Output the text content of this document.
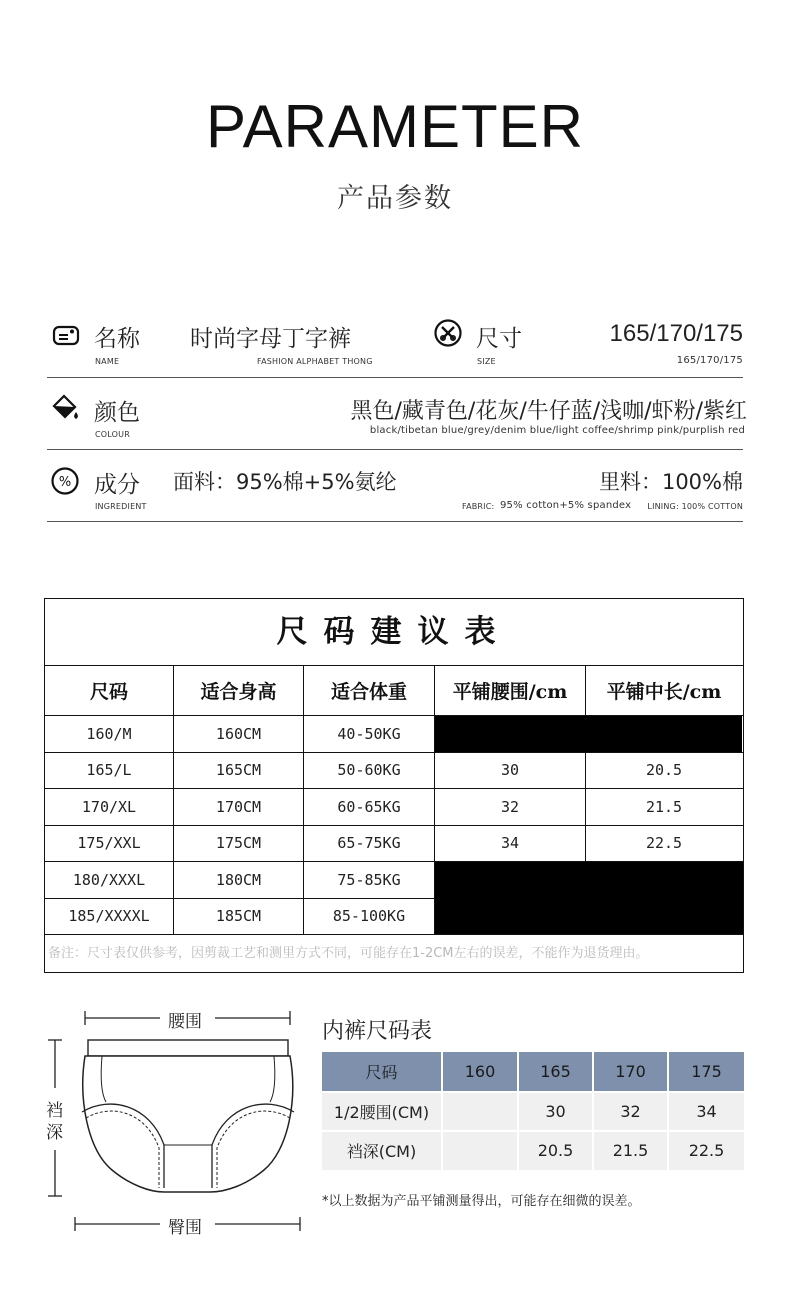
PARAMETER
产品参数
名称
NAME
时尚字母丁字裤
FASHION ALPHABET THONG
尺寸
SIZE
165/170/175
165/170/175
颜色
COLOUR
黑色/藏青色/花灰/牛仔蓝/浅咖/虾粉/紫红
black/tibetan blue/grey/denim blue/light coffee/shrimp pink/purplish red
% 成分
INGREDIENT
面料：95%棉+5%氨纶	里料：100%棉
FABRIC: 95% cotton+5% spandex LINING: 100% COTTON
尺码建议表
尺码	适合身高	适合体重	平铺腰围/cm	平铺中长/cm
160/M	160CM	40-50KG
165/L	165CM	50-60KG	30	20.5
170/XL	170CM	60-65KG	32	21.5
175/XXL	175CM	65-75KG	34	22.5
180/XXXL	180CM	75-85KG
185/XXXXL	185CM	85-100KG
备注：尺寸表仅供参考，因剪裁工艺和测里方式不同，可能存在1-2CM左右的误差，不能作为退货理由。
腰围
裆深
臀围
内裤尺码表
尺码	160	165	170	175
1/2腰围(CM)		30	32	34
裆深(CM)		20.5	21.5	22.5
*以上数据为产品平铺测量得出，可能存在细微的误差。
